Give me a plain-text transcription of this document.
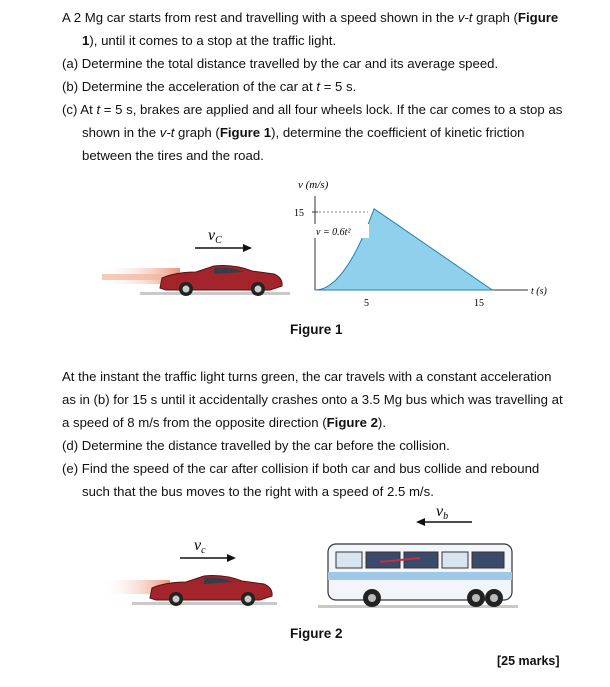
A 2 Mg car starts from rest and travelling with a speed shown in the v-t graph (Figure
1), until it comes to a stop at the traffic light.
(a) Determine the total distance travelled by the car and its average speed.
(b) Determine the acceleration of the car at t = 5 s.
(c) At t = 5 s, brakes are applied and all four wheels lock. If the car comes to a stop as
shown in the v-t graph (Figure 1), determine the coefficient of kinetic friction
between the tires and the road.
vC
v (m/s)
t (s)
15
5	15
v = 0.6t²
Figure 1
At the instant the traffic light turns green, the car travels with a constant acceleration
as in (b) for 15 s until it accidentally crashes onto a 3.5 Mg bus which was travelling at
a speed of 8 m/s from the opposite direction (Figure 2).
(d) Determine the distance travelled by the car before the collision.
(e) Find the speed of the car after collision if both car and bus collide and rebound
such that the bus moves to the right with a speed of 2.5 m/s.
vb
vc
Figure 2
[25 marks]
